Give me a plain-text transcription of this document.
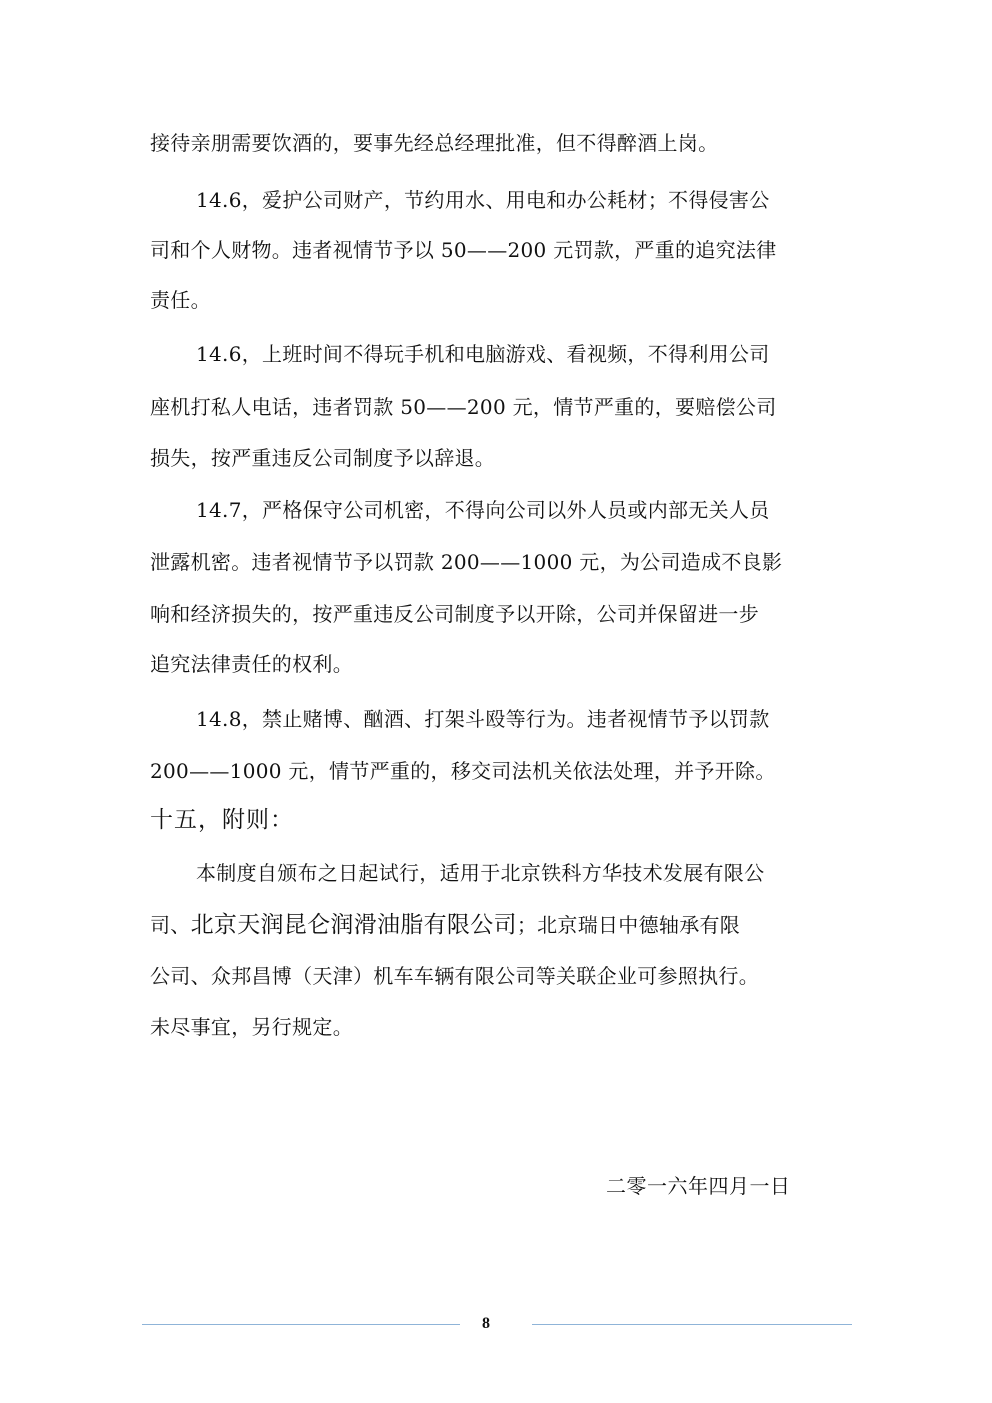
接待亲朋需要饮酒的，要事先经总经理批准，但不得醉酒上岗。
14.6，爱护公司财产，节约用水、用电和办公耗材；不得侵害公
司和个人财物。违者视情节予以 50——200 元罚款，严重的追究法律
责任。
14.6，上班时间不得玩手机和电脑游戏、看视频，不得利用公司
座机打私人电话，违者罚款 50——200 元，情节严重的，要赔偿公司
损失，按严重违反公司制度予以辞退。
14.7，严格保守公司机密，不得向公司以外人员或内部无关人员
泄露机密。违者视情节予以罚款 200——1000 元，为公司造成不良影
响和经济损失的，按严重违反公司制度予以开除，公司并保留进一步
追究法律责任的权利。
14.8，禁止赌博、酗酒、打架斗殴等行为。违者视情节予以罚款
200——1000 元，情节严重的，移交司法机关依法处理，并予开除。
十五，附则：
本制度自颁布之日起试行，适用于北京铁科方华技术发展有限公
司、北京天润昆仑润滑油脂有限公司；北京瑞日中德轴承有限
公司、众邦昌博（天津）机车车辆有限公司等关联企业可参照执行。
未尽事宜，另行规定。
二零一六年四月一日
8
